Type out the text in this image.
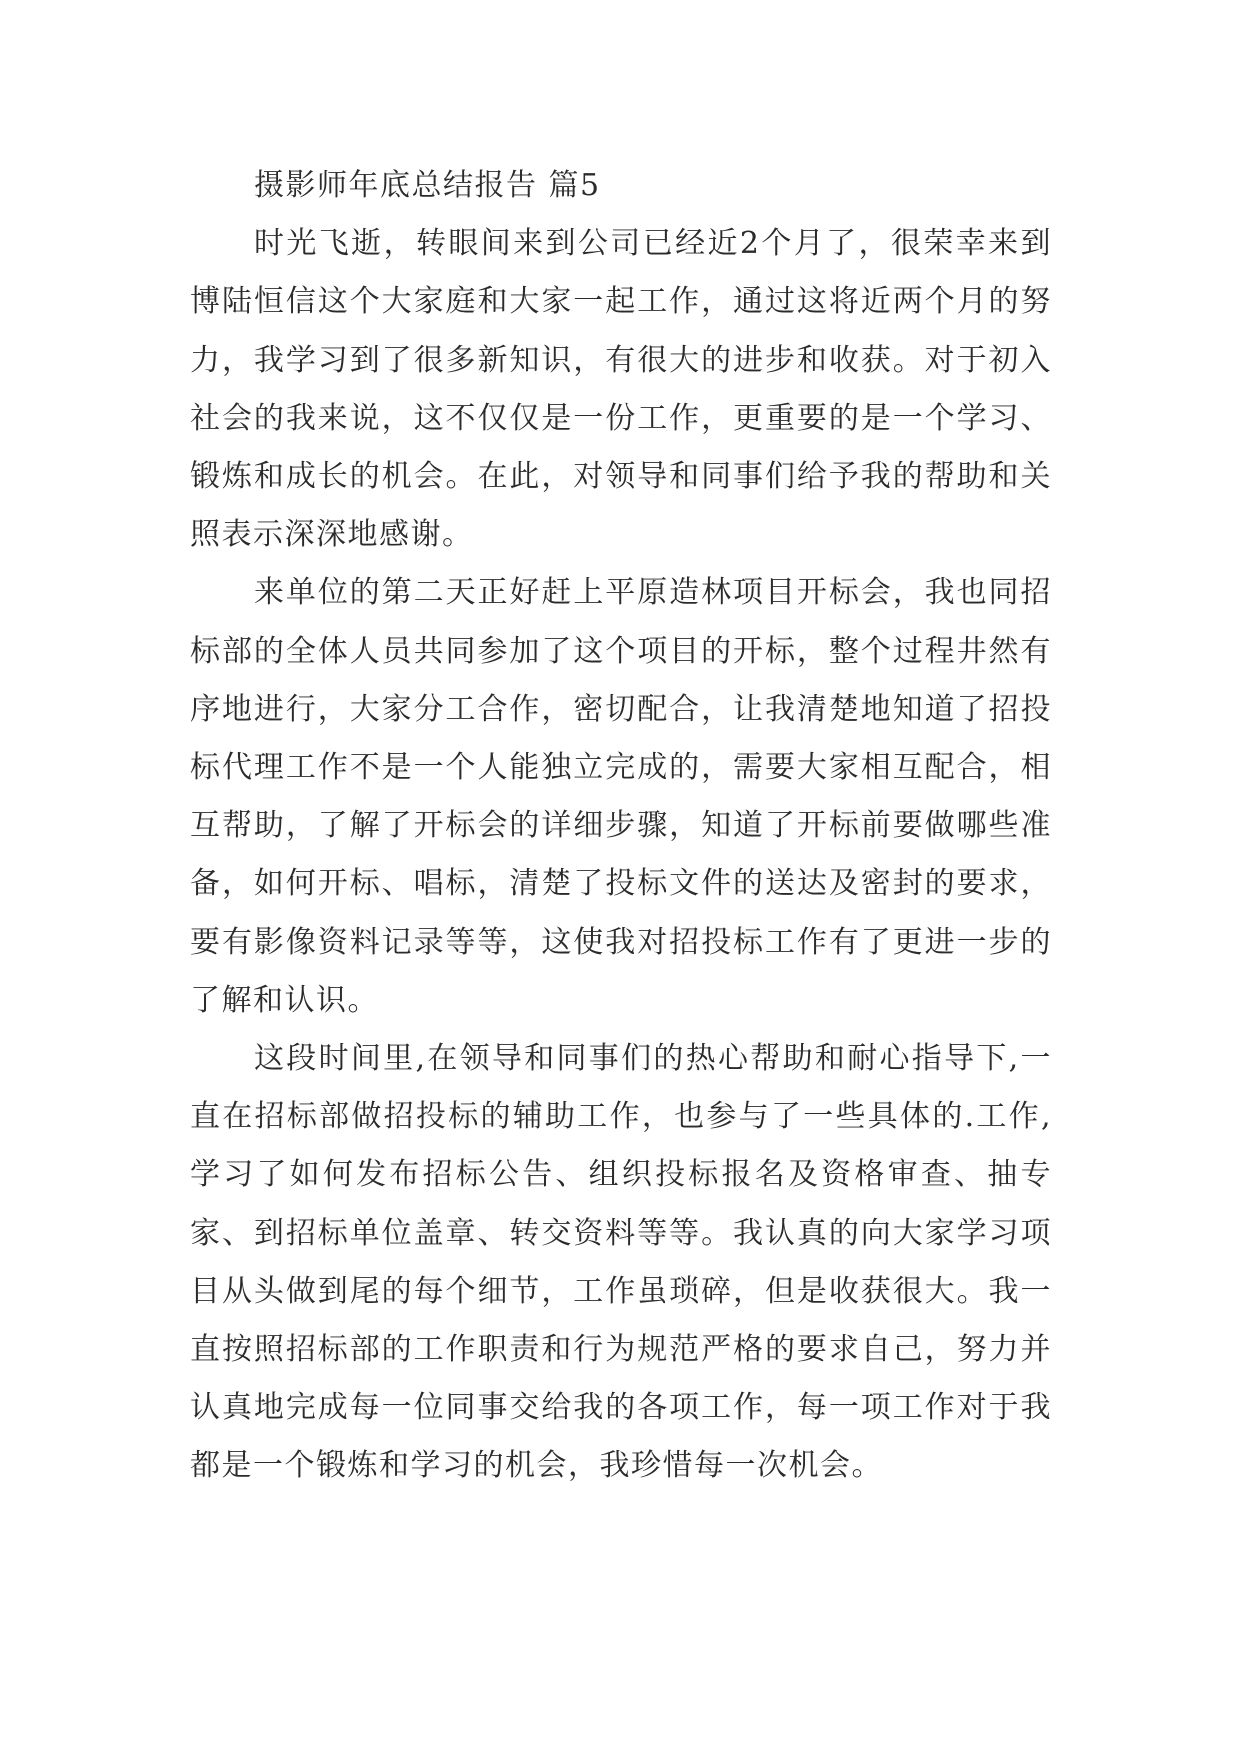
摄影师年底总结报告 篇5

时光飞逝，转眼间来到公司已经近2个月了，很荣幸来到博陆恒信这个大家庭和大家一起工作，通过这将近两个月的努力，我学习到了很多新知识，有很大的进步和收获。对于初入社会的我来说，这不仅仅是一份工作，更重要的是一个学习、锻炼和成长的机会。在此，对领导和同事们给予我的帮助和关照表示深深地感谢。

来单位的第二天正好赶上平原造林项目开标会，我也同招标部的全体人员共同参加了这个项目的开标，整个过程井然有序地进行，大家分工合作，密切配合，让我清楚地知道了招投标代理工作不是一个人能独立完成的，需要大家相互配合，相互帮助，了解了开标会的详细步骤，知道了开标前要做哪些准备，如何开标、唱标，清楚了投标文件的送达及密封的要求，要有影像资料记录等等，这使我对招投标工作有了更进一步的了解和认识。

这段时间里,在领导和同事们的热心帮助和耐心指导下,一直在招标部做招投标的辅助工作，也参与了一些具体的.工作,学习了如何发布招标公告、组织投标报名及资格审查、抽专家、到招标单位盖章、转交资料等等。我认真的向大家学习项目从头做到尾的每个细节，工作虽琐碎，但是收获很大。我一直按照招标部的工作职责和行为规范严格的要求自己，努力并认真地完成每一位同事交给我的各项工作，每一项工作对于我都是一个锻炼和学习的机会，我珍惜每一次机会。
